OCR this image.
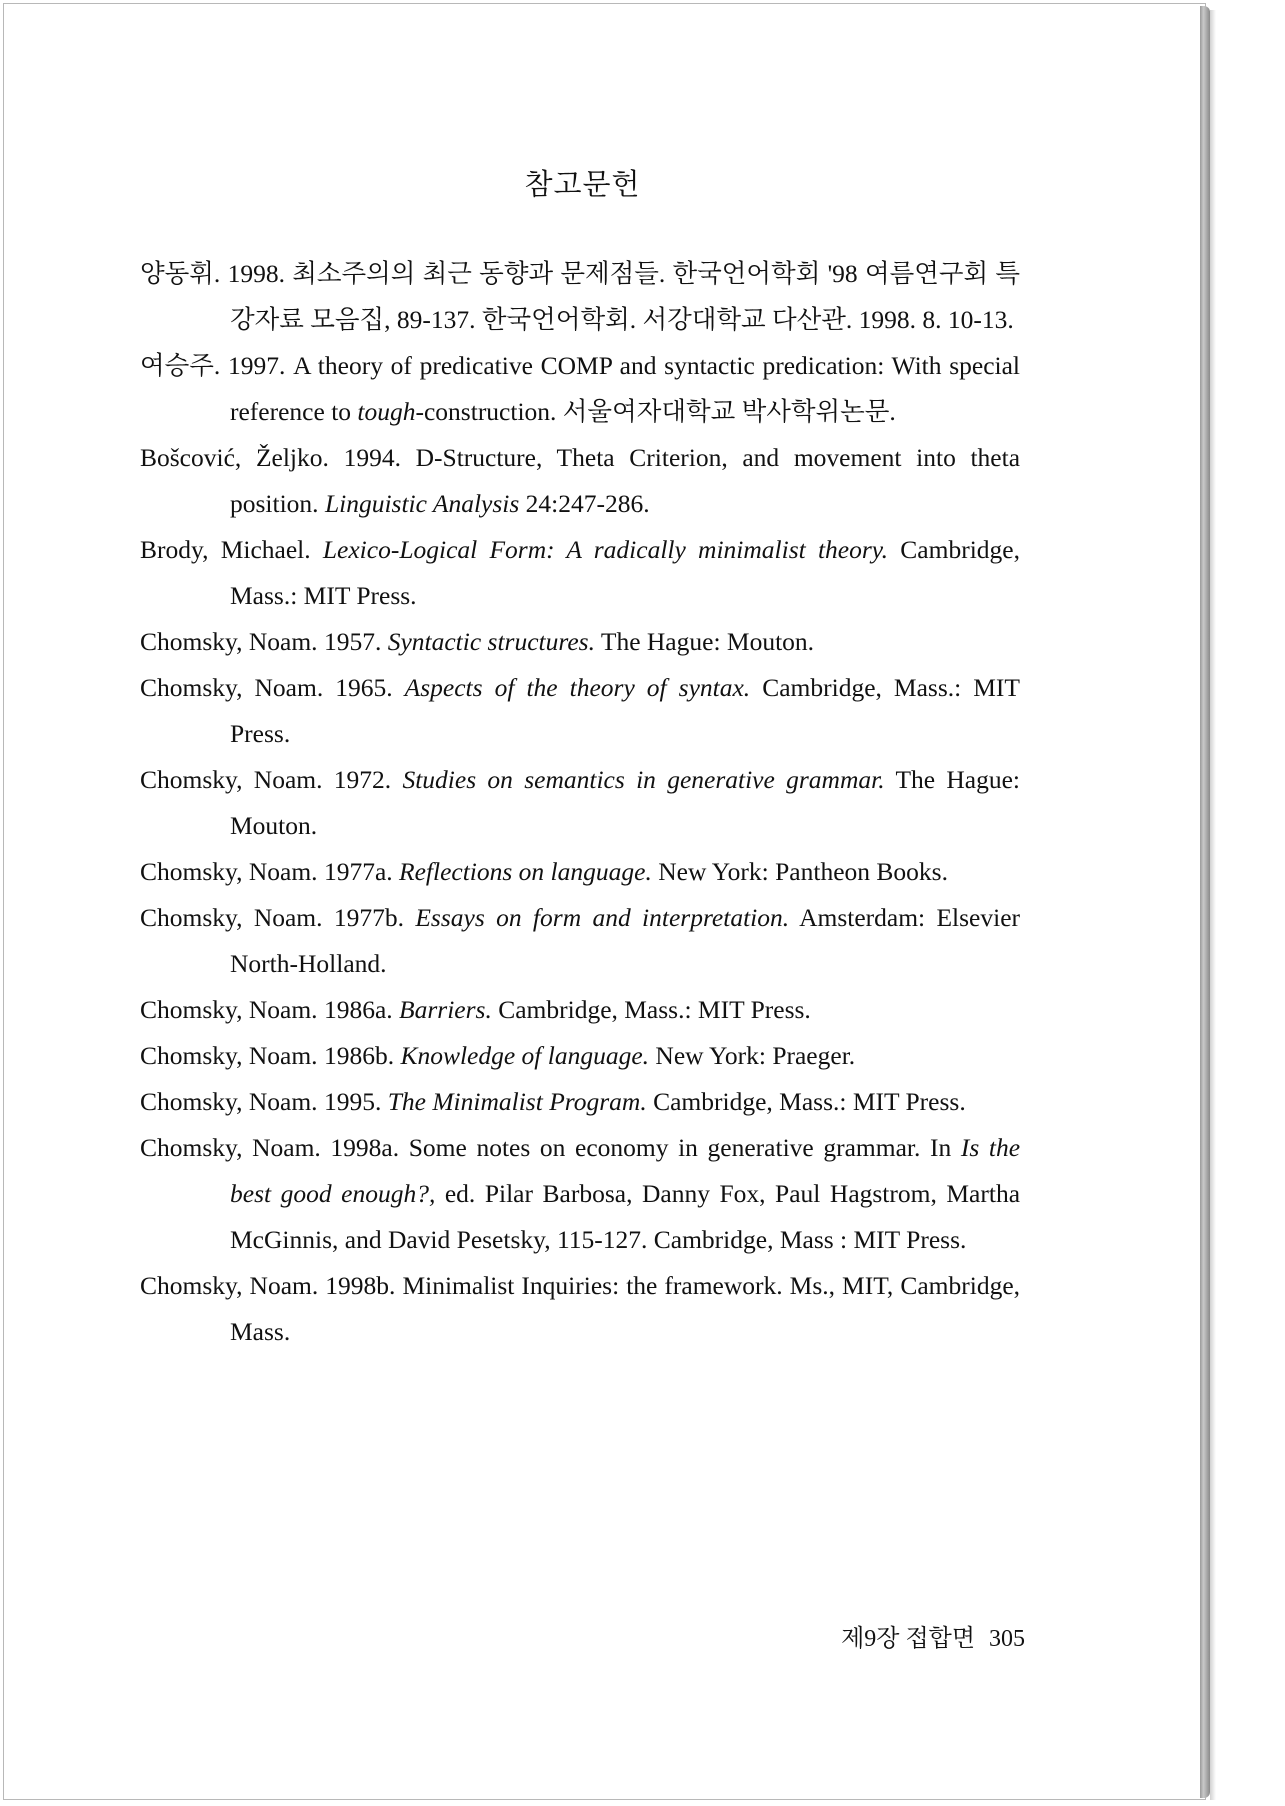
참고문헌
양동휘. 1998. 최소주의의 최근 동향과 문제점들. 한국언어학회 '98 여름연구회 특강자료 모음집, 89-137. 한국언어학회. 서강대학교 다산관. 1998. 8. 10-13.
여승주. 1997. A theory of predicative COMP and syntactic predication: With special reference to tough-construction. 서울여자대학교 박사학위논문.
Bošcović, Željko. 1994. D-Structure, Theta Criterion, and movement into theta position. Linguistic Analysis 24:247-286.
Brody, Michael. Lexico-Logical Form: A radically minimalist theory. Cambridge, Mass.: MIT Press.
Chomsky, Noam. 1957. Syntactic structures. The Hague: Mouton.
Chomsky, Noam. 1965. Aspects of the theory of syntax. Cambridge, Mass.: MIT Press.
Chomsky, Noam. 1972. Studies on semantics in generative grammar. The Hague: Mouton.
Chomsky, Noam. 1977a. Reflections on language. New York: Pantheon Books.
Chomsky, Noam. 1977b. Essays on form and interpretation. Amsterdam: Elsevier North-Holland.
Chomsky, Noam. 1986a. Barriers. Cambridge, Mass.: MIT Press.
Chomsky, Noam. 1986b. Knowledge of language. New York: Praeger.
Chomsky, Noam. 1995. The Minimalist Program. Cambridge, Mass.: MIT Press.
Chomsky, Noam. 1998a. Some notes on economy in generative grammar. In Is the best good enough?, ed. Pilar Barbosa, Danny Fox, Paul Hagstrom, Martha McGinnis, and David Pesetsky, 115-127. Cambridge, Mass : MIT Press.
Chomsky, Noam. 1998b. Minimalist Inquiries: the framework. Ms., MIT, Cambridge, Mass.
제9장 접합면 305
